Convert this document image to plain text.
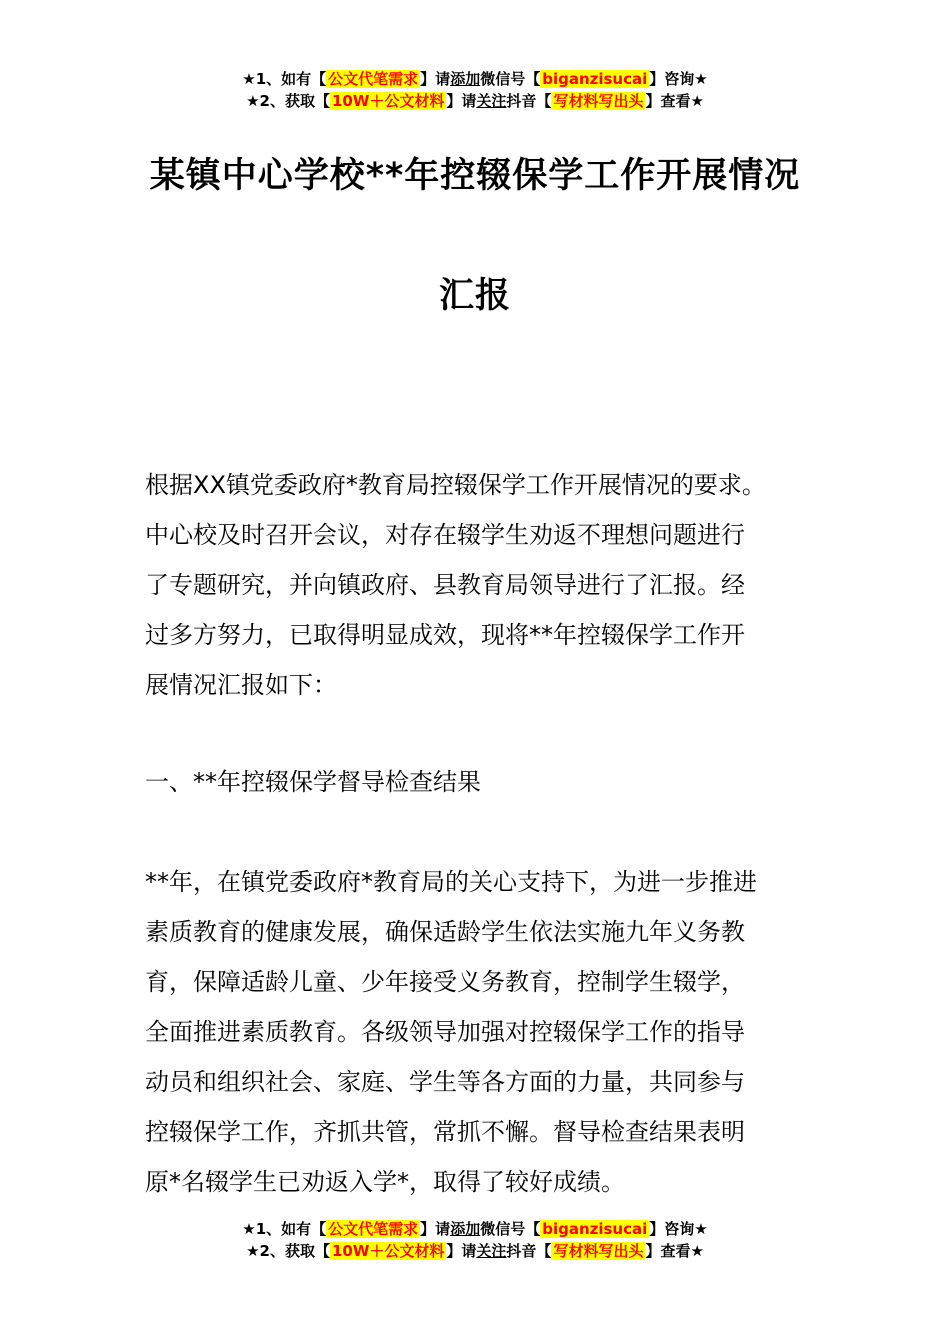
★1、如有【 公文代笔需求 】请添加微信号【 biganzisucai 】咨询★
★2、获取【 10W＋公文材料 】请关注抖音【 写材料写出头 】查看★
某镇中心学校**年控辍保学工作开展情况
汇报
根据XX镇党委政府*教育局控辍保学工作开展情况的要求。
中心校及时召开会议，对存在辍学生劝返不理想问题进行
了专题研究，并向镇政府、县教育局领导进行了汇报。经
过多方努力，已取得明显成效，现将**年控辍保学工作开
展情况汇报如下：
一、**年控辍保学督导检查结果
**年，在镇党委政府*教育局的关心支持下，为进一步推进
素质教育的健康发展，确保适龄学生依法实施九年义务教
育，保障适龄儿童、少年接受义务教育，控制学生辍学，
全面推进素质教育。各级领导加强对控辍保学工作的指导
动员和组织社会、家庭、学生等各方面的力量，共同参与
控辍保学工作，齐抓共管，常抓不懈。督导检查结果表明
原*名辍学生已劝返入学*，取得了较好成绩。
★1、如有【 公文代笔需求 】请添加微信号【 biganzisucai 】咨询★
★2、获取【 10W＋公文材料 】请关注抖音【 写材料写出头 】查看★
